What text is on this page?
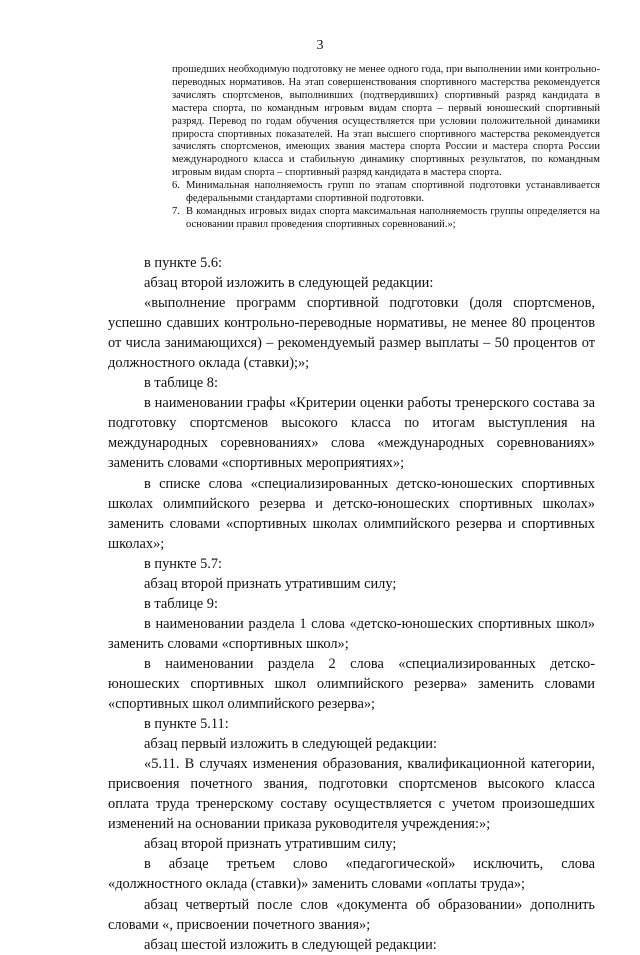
3

прошедших необходимую подготовку не менее одного года, при выполнении ими контрольно-переводных нормативов. На этап совершенствования спортивного мастерства рекомендуется зачислять спортсменов, выполнивших (подтвердивших) спортивный разряд кандидата в мастера спорта, по командным игровым видам спорта – первый юношеский спортивный разряд. Перевод по годам обучения осуществляется при условии положительной динамики прироста спортивных показателей. На этап высшего спортивного мастерства рекомендуется зачислять спортсменов, имеющих звания мастера спорта России и мастера спорта России международного класса и стабильную динамику спортивных результатов, по командным игровым видам спорта – спортивный разряд кандидата в мастера спорта.

6. Минимальная наполняемость групп по этапам спортивной подготовки устанавливается федеральными стандартами спортивной подготовки.
7. В командных игровых видах спорта максимальная наполняемость группы определяется на основании правил проведения спортивных соревнований.»;

в пункте 5.6:

абзац второй изложить в следующей редакции:

«выполнение программ спортивной подготовки (доля спортсменов, успешно сдавших контрольно-переводные нормативы, не менее 80 процентов от числа занимающихся) – рекомендуемый размер выплаты – 50 процентов от должностного оклада (ставки);»;

в таблице 8:

в наименовании графы «Критерии оценки работы тренерского состава за подготовку спортсменов высокого класса по итогам выступления на международных соревнованиях» слова «международных соревнованиях» заменить словами «спортивных мероприятиях»;

в списке слова «специализированных детско-юношеских спортивных школах олимпийского резерва и детско-юношеских спортивных школах» заменить словами «спортивных школах олимпийского резерва и спортивных школах»;

в пункте 5.7:

абзац второй признать утратившим силу;

в таблице 9:

в наименовании раздела 1 слова «детско-юношеских спортивных школ» заменить словами «спортивных школ»;

в наименовании раздела 2 слова «специализированных детско-юношеских спортивных школ олимпийского резерва» заменить словами «спортивных школ олимпийского резерва»;

в пункте 5.11:

абзац первый изложить в следующей редакции:

«5.11. В случаях изменения образования, квалификационной категории, присвоения почетного звания, подготовки спортсменов высокого класса оплата труда тренерскому составу осуществляется с учетом произошедших изменений на основании приказа руководителя учреждения:»;

абзац второй признать утратившим силу;

в абзаце третьем слово «педагогической» исключить, слова «должностного оклада (ставки)» заменить словами «оплаты труда»;

абзац четвертый после слов «документа об образовании» дополнить словами «, присвоении почетного звания»;

абзац шестой изложить в следующей редакции:
